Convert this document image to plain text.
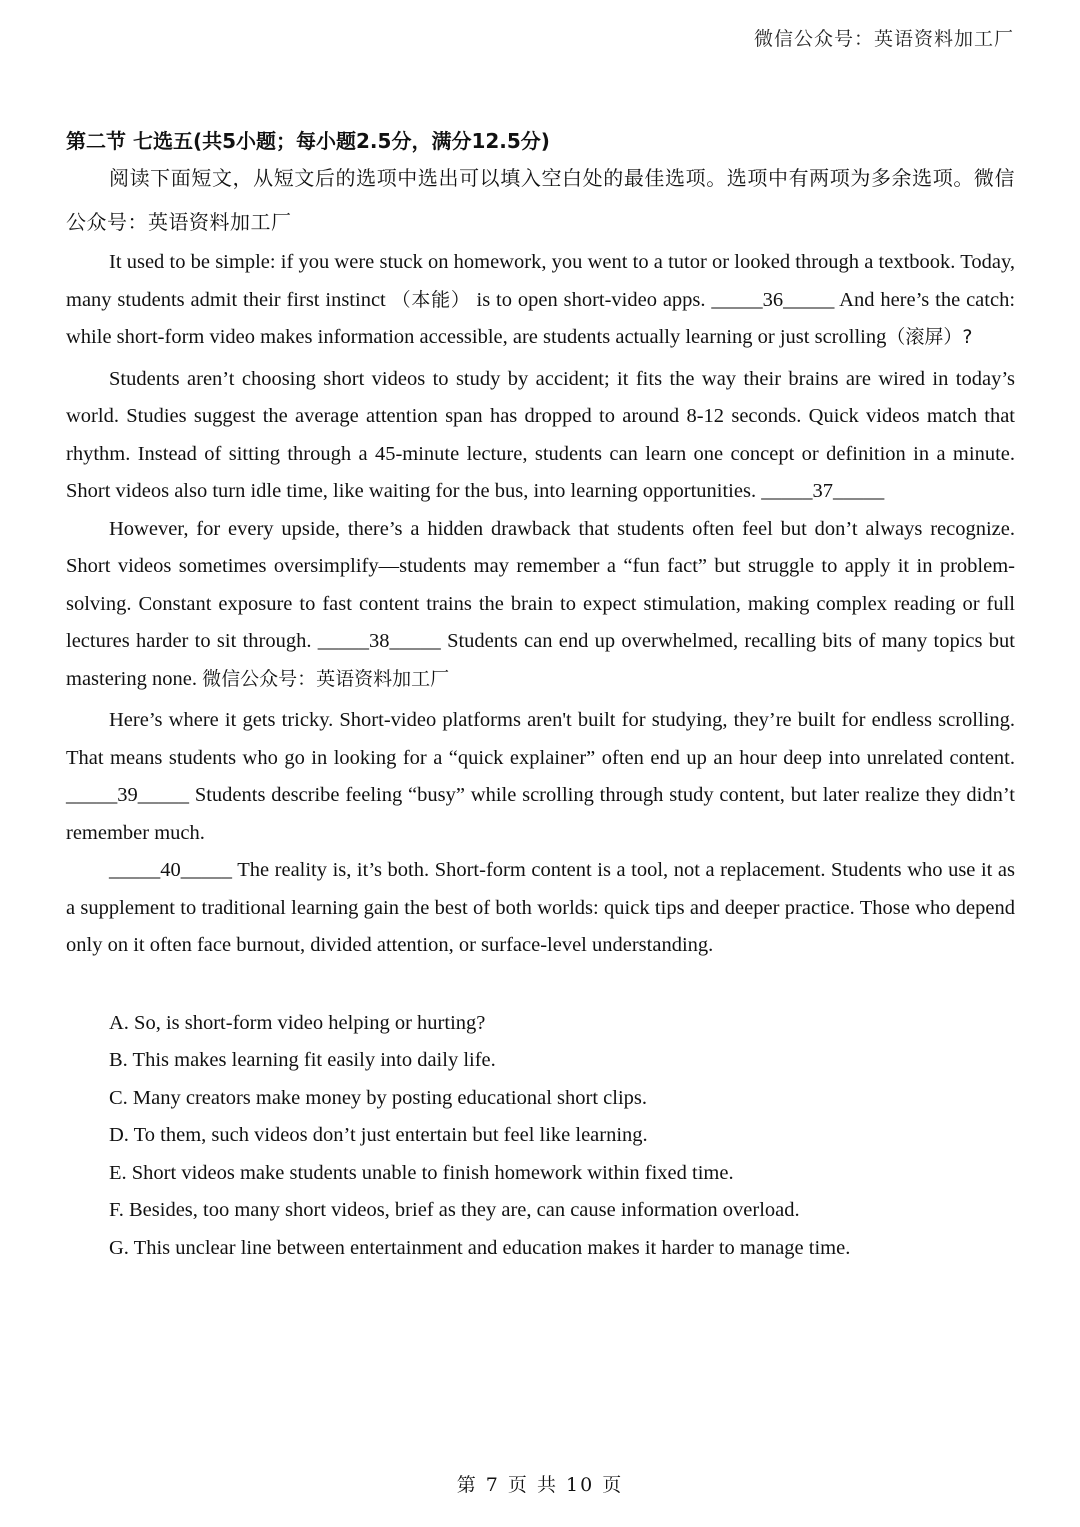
微信公众号：英语资料加工厂

第二节 七选五(共5小题；每小题2.5分，满分12.5分)

阅读下面短文，从短文后的选项中选出可以填入空白处的最佳选项。选项中有两项为多余选项。微信公众号：英语资料加工厂

It used to be simple: if you were stuck on homework, you went to a tutor or looked through a textbook. Today, many students admit their first instinct （本能） is to open short-video apps. _____36_____ And here’s the catch: while short-form video makes information accessible, are students actually learning or just scrolling（滚屏）?

Students aren’t choosing short videos to study by accident; it fits the way their brains are wired in today’s world. Studies suggest the average attention span has dropped to around 8-12 seconds. Quick videos match that rhythm. Instead of sitting through a 45-minute lecture, students can learn one concept or definition in a minute. Short videos also turn idle time, like waiting for the bus, into learning opportunities. _____37_____

However, for every upside, there’s a hidden drawback that students often feel but don’t always recognize. Short videos sometimes oversimplify—students may remember a “fun fact” but struggle to apply it in problem-solving. Constant exposure to fast content trains the brain to expect stimulation, making complex reading or full lectures harder to sit through. _____38_____ Students can end up overwhelmed, recalling bits of many topics but mastering none. 微信公众号：英语资料加工厂

Here’s where it gets tricky. Short-video platforms aren't built for studying, they’re built for endless scrolling. That means students who go in looking for a “quick explainer” often end up an hour deep into unrelated content. _____39_____ Students describe feeling “busy” while scrolling through study content, but later realize they didn’t remember much.

_____40_____ The reality is, it’s both. Short-form content is a tool, not a replacement. Students who use it as a supplement to traditional learning gain the best of both worlds: quick tips and deeper practice. Those who depend only on it often face burnout, divided attention, or surface-level understanding.

A. So, is short-form video helping or hurting?

B. This makes learning fit easily into daily life.

C. Many creators make money by posting educational short clips.

D. To them, such videos don’t just entertain but feel like learning.

E. Short videos make students unable to finish homework within fixed time.

F. Besides, too many short videos, brief as they are, can cause information overload.

G. This unclear line between entertainment and education makes it harder to manage time.

第 7 页 共 10 页
